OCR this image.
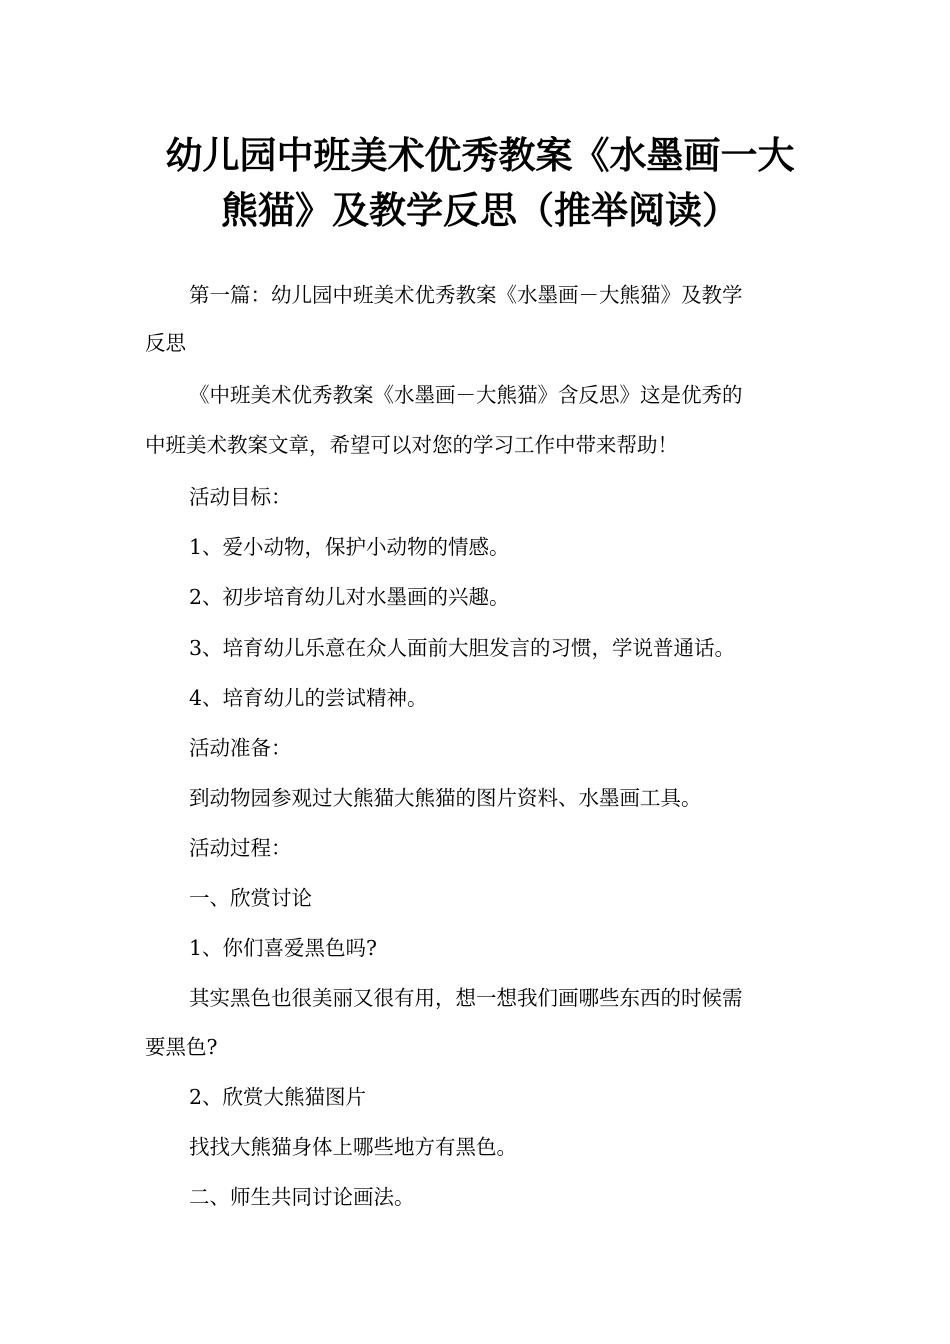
幼儿园中班美术优秀教案《水墨画一大
熊猫》及教学反思（推举阅读）

第一篇：幼儿园中班美术优秀教案《水墨画－大熊猫》及教学

反思

《中班美术优秀教案《水墨画－大熊猫》含反思》这是优秀的

中班美术教案文章，希望可以对您的学习工作中带来帮助！

活动目标：

1、爱小动物，保护小动物的情感。

2、初步培育幼儿对水墨画的兴趣。

3、培育幼儿乐意在众人面前大胆发言的习惯，学说普通话。

4、培育幼儿的尝试精神。

活动准备：

到动物园参观过大熊猫大熊猫的图片资料、水墨画工具。

活动过程：

一、欣赏讨论

1、你们喜爱黑色吗?

其实黑色也很美丽又很有用，想一想我们画哪些东西的时候需

要黑色?

2、欣赏大熊猫图片

找找大熊猫身体上哪些地方有黑色。

二、师生共同讨论画法。
